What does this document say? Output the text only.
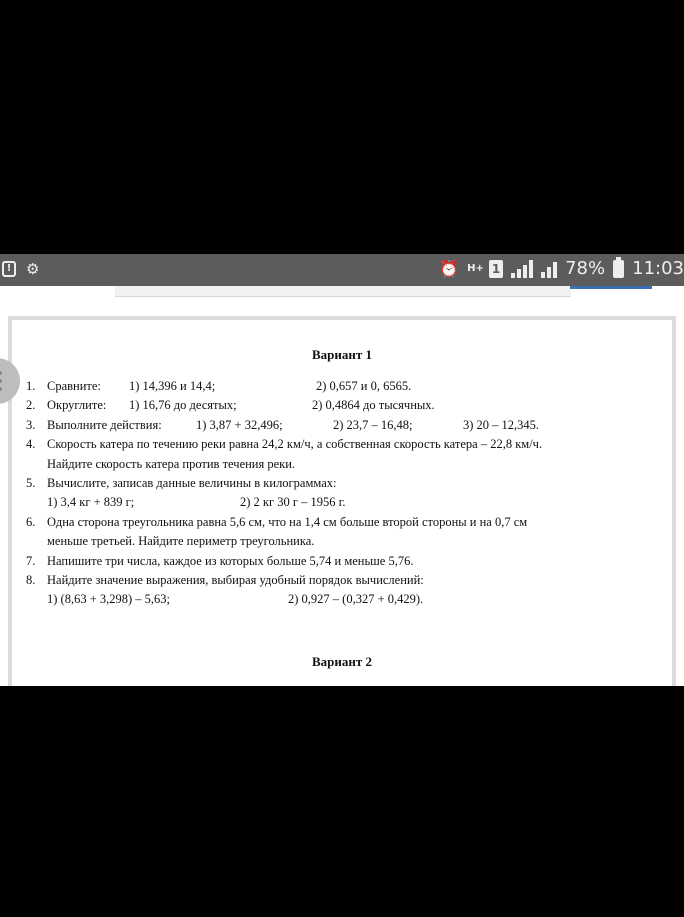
! ⚙	⏰ H+ 1	78% 11:03
Вариант 1
1. Сравните: 1) 14,396 и 14,4;	2) 0,657 и 0, 6565.
2. Округлите: 1) 16,76 до десятых;	2) 0,4864 до тысячных.
3. Выполните действия:	1) 3,87 + 32,496;	2) 23,7 – 16,48;	3) 20 – 12,345.
4. Скорость катера по течению реки равна 24,2 км/ч, а собственная скорость катера – 22,8 км/ч.
Найдите скорость катера против течения реки.
5. Вычислите, записав данные величины в килограммах:
1) 3,4 кг + 839 г;	2) 2 кг 30 г – 1956 г.
6. Одна сторона треугольника равна 5,6 см, что на 1,4 см больше второй стороны и на 0,7 см
меньше третьей. Найдите периметр треугольника.
7. Напишите три числа, каждое из которых больше 5,74 и меньше 5,76.
8. Найдите значение выражения, выбирая удобный порядок вычислений:
1) (8,63 + 3,298) – 5,63;	2) 0,927 – (0,327 + 0,429).
Вариант 2
